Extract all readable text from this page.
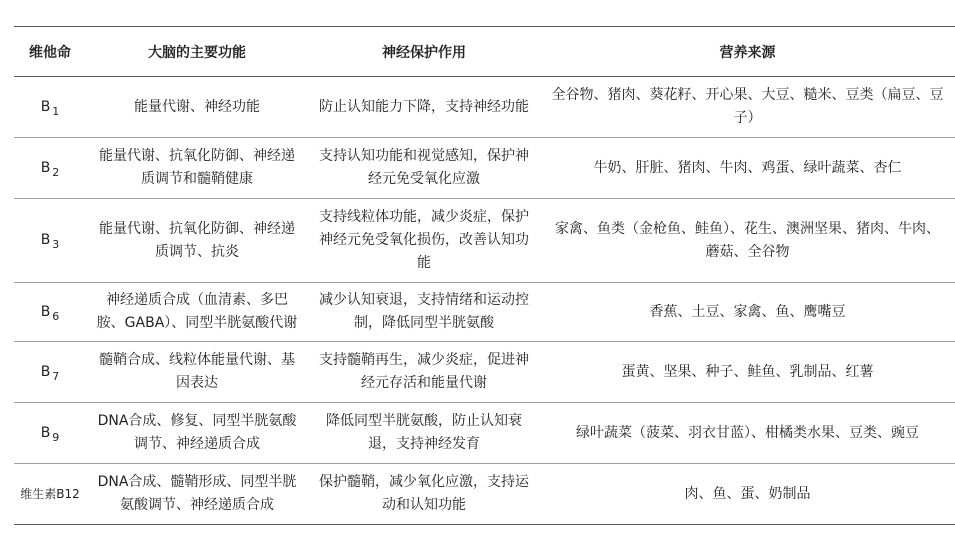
维他命	大脑的主要功能	神经保护作用	营养来源
B $_1$	能量代谢、神经功能	防止认知能力下降，支持神经功能	全谷物、猪肉、葵花籽、开心果、大豆、糙米、豆类（扁豆、豆子）
B $_2$	能量代谢、抗氧化防御、神经递质调节和髓鞘健康	支持认知功能和视觉感知，保护神经元免受氧化应激	牛奶、肝脏、猪肉、牛肉、鸡蛋、绿叶蔬菜、杏仁
B $_3$	能量代谢、抗氧化防御、神经递质调节、抗炎	支持线粒体功能，减少炎症，保护神经元免受氧化损伤，改善认知功能	家禽、鱼类（金枪鱼、鲑鱼）、花生、澳洲坚果、猪肉、牛肉、蘑菇、全谷物
B $_6$	神经递质合成（血清素、多巴胺、GABA）、同型半胱氨酸代谢	减少认知衰退，支持情绪和运动控制，降低同型半胱氨酸	香蕉、土豆、家禽、鱼、鹰嘴豆
B $_7$	髓鞘合成、线粒体能量代谢、基因表达	支持髓鞘再生，减少炎症，促进神经元存活和能量代谢	蛋黄、坚果、种子、鲑鱼、乳制品、红薯
B $_9$	DNA合成、修复、同型半胱氨酸调节、神经递质合成	降低同型半胱氨酸，防止认知衰退，支持神经发育	绿叶蔬菜（菠菜、羽衣甘蓝）、柑橘类水果、豆类、豌豆
维生素B12	DNA合成、髓鞘形成、同型半胱氨酸调节、神经递质合成	保护髓鞘，减少氧化应激，支持运动和认知功能	肉、鱼、蛋、奶制品
